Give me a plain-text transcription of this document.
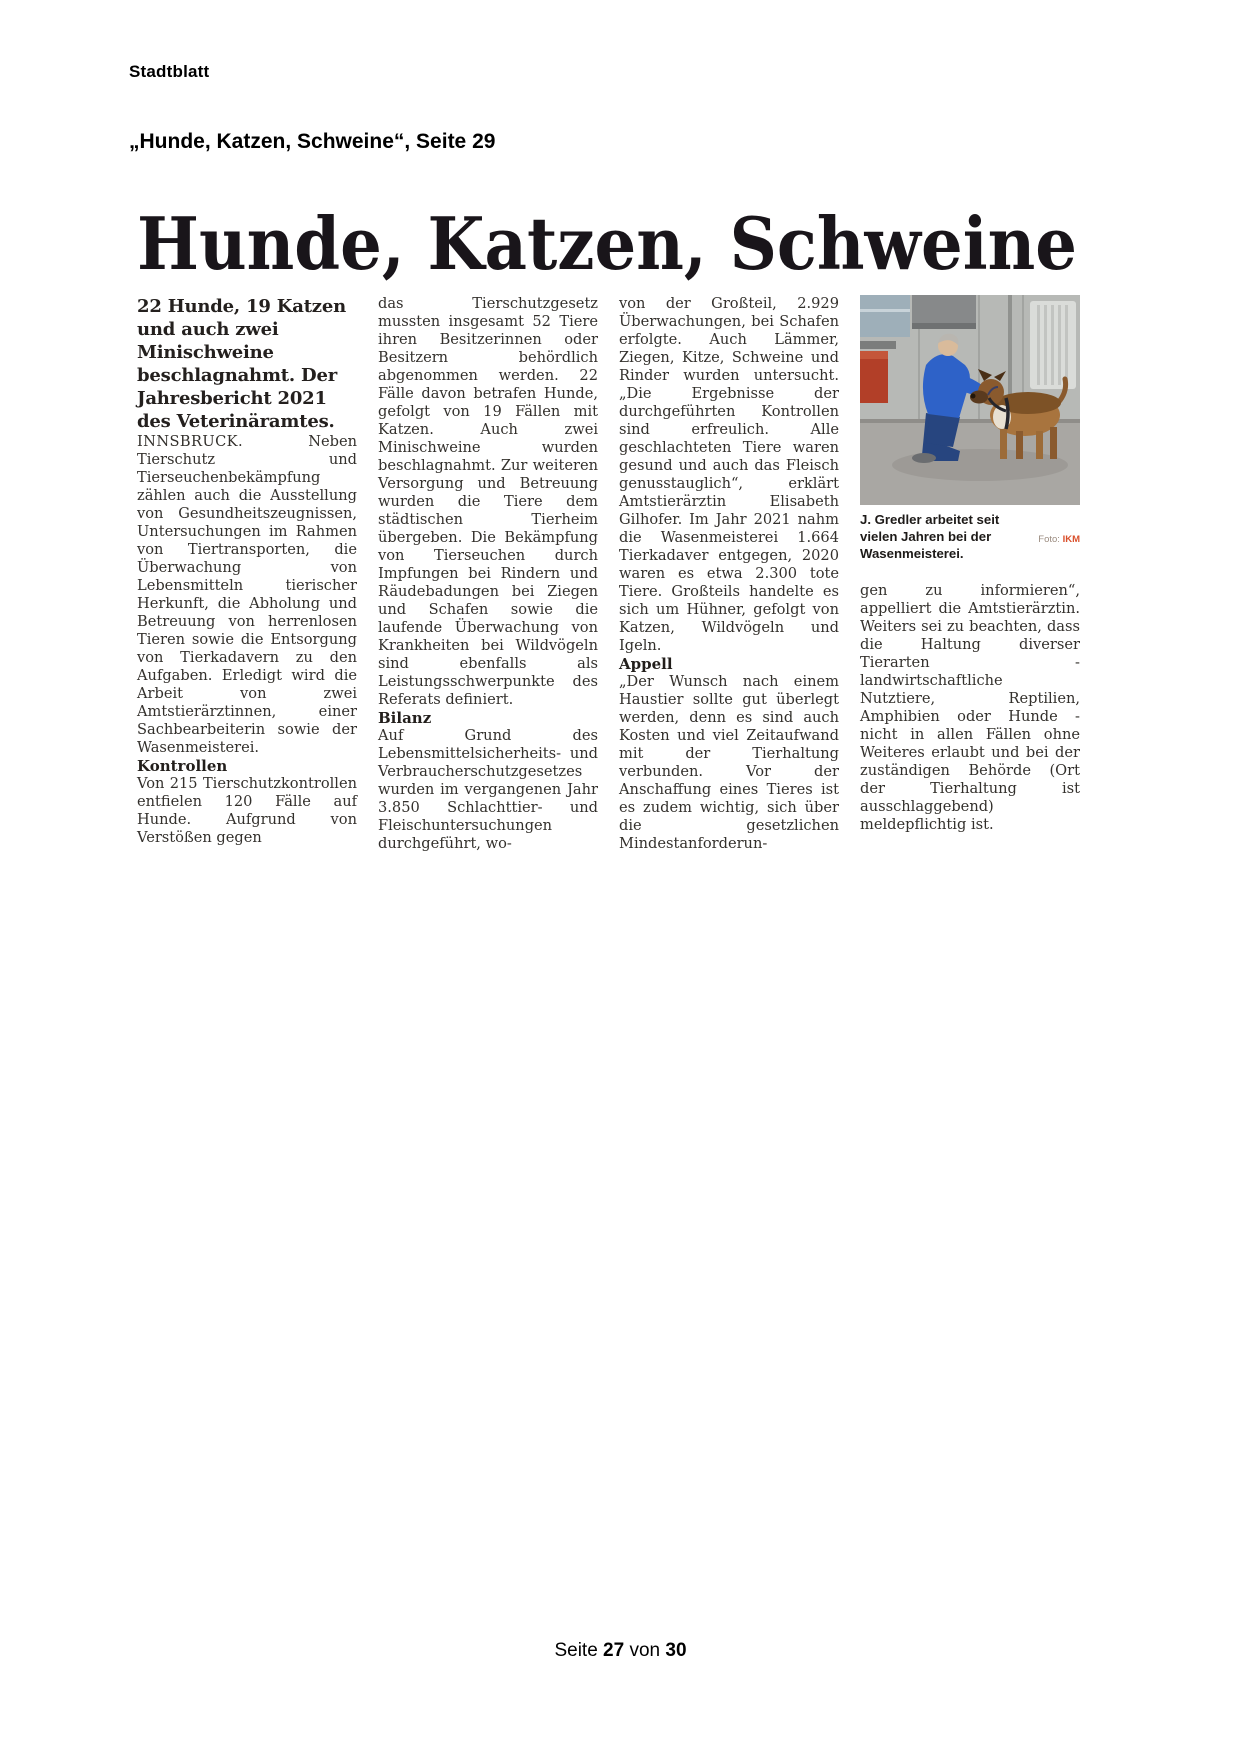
Stadtblatt
„Hunde, Katzen, Schweine“, Seite 29
Hunde, Katzen, Schweine

22 Hunde, 19 Katzen und auch zwei Minischweine beschlagnahmt. Der Jahresbericht 2021 des Veterinäramtes.

INNSBRUCK. Neben Tierschutz und Tierseuchenbekämpfung zählen auch die Ausstellung von Gesundheitszeugnissen, Untersuchungen im Rahmen von Tiertransporten, die Überwachung von Lebensmitteln tierischer Herkunft, die Abholung und Betreuung von herrenlosen Tieren sowie die Entsorgung von Tierkadavern zu den Aufgaben. Erledigt wird die Arbeit von zwei Amtstierärztinnen, einer Sachbearbeiterin sowie der Wasenmeisterei.

Kontrollen

Von 215 Tierschutzkontrollen entfielen 120 Fälle auf Hunde. Aufgrund von Verstößen gegen

das Tierschutzgesetz mussten insgesamt 52 Tiere ihren Besitzerinnen oder Besitzern behördlich abgenommen werden. 22 Fälle davon betrafen Hunde, gefolgt von 19 Fällen mit Katzen. Auch zwei Minischweine wurden beschlagnahmt. Zur weiteren Versorgung und Betreuung wurden die Tiere dem städtischen Tierheim übergeben. Die Bekämpfung von Tierseuchen durch Impfungen bei Rindern und Räudebadungen bei Ziegen und Schafen sowie die laufende Überwachung von Krankheiten bei Wildvögeln sind ebenfalls als Leistungsschwerpunkte des Referats definiert.

Bilanz

Auf Grund des Lebensmittelsicherheits- und Verbraucherschutzgesetzes wurden im vergangenen Jahr 3.850 Schlachttier- und Fleischuntersuchungen durchgeführt, wo-

von der Großteil, 2.929 Überwachungen, bei Schafen erfolgte. Auch Lämmer, Ziegen, Kitze, Schweine und Rinder wurden untersucht. „Die Ergebnisse der durchgeführten Kontrollen sind erfreulich. Alle geschlachteten Tiere waren gesund und auch das Fleisch genusstauglich“, erklärt Amtstierärztin Elisabeth Gilhofer. Im Jahr 2021 nahm die Wasenmeisterei 1.664 Tierkadaver entgegen, 2020 waren es etwa 2.300 tote Tiere. Großteils handelte es sich um Hühner, gefolgt von Katzen, Wildvögeln und Igeln.

Appell

„Der Wunsch nach einem Haustier sollte gut überlegt werden, denn es sind auch Kosten und viel Zeitaufwand mit der Tierhaltung verbunden. Vor der Anschaffung eines Tieres ist es zudem wichtig, sich über die gesetzlichen Mindestanforderun-

Foto: IKM
J. Gredler arbeitet seit vielen Jahren bei der Wasenmeisterei.

gen zu informieren“, appelliert die Amtstierärztin. Weiters sei zu beachten, dass die Haltung diverser Tierarten - landwirtschaftliche Nutztiere, Reptilien, Amphibien oder Hunde - nicht in allen Fällen ohne Weiteres erlaubt und bei der zuständigen Behörde (Ort der Tierhaltung ist ausschlaggebend) meldepflichtig ist.

Seite 27 von 30
